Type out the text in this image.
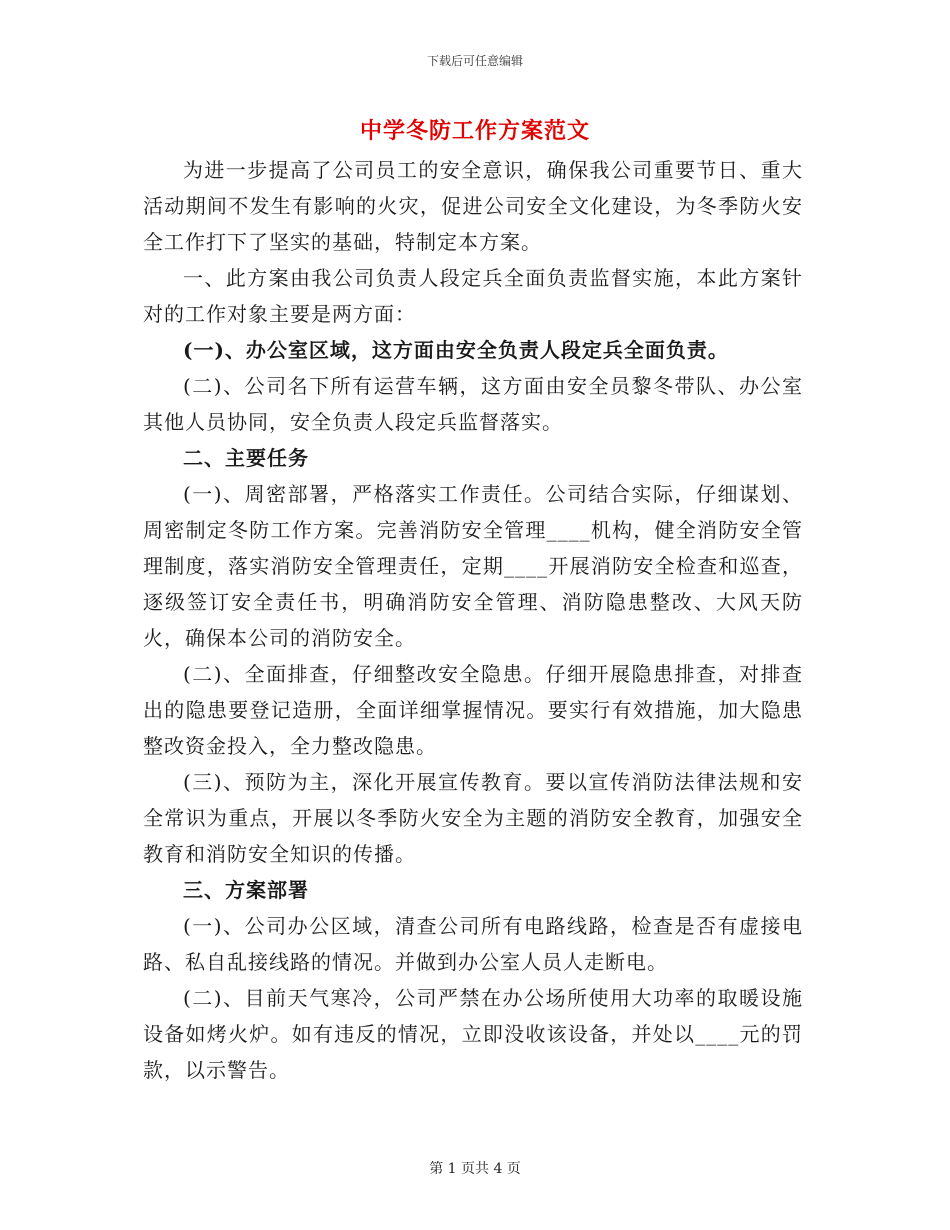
下载后可任意编辑
中学冬防工作方案范文

为进一步提高了公司员工的安全意识，确保我公司重要节日、重大活动期间不发生有影响的火灾，促进公司安全文化建设，为冬季防火安全工作打下了坚实的基础，特制定本方案。

一、此方案由我公司负责人段定兵全面负责监督实施，本此方案针对的工作对象主要是两方面：

(一)、办公室区域，这方面由安全负责人段定兵全面负责。

(二)、公司名下所有运营车辆，这方面由安全员黎冬带队、办公室其他人员协同，安全负责人段定兵监督落实。

二、主要任务

(一)、周密部署，严格落实工作责任。公司结合实际，仔细谋划、周密制定冬防工作方案。完善消防安全管理____机构，健全消防安全管理制度，落实消防安全管理责任，定期____开展消防安全检查和巡查，逐级签订安全责任书，明确消防安全管理、消防隐患整改、大风天防火，确保本公司的消防安全。

(二)、全面排查，仔细整改安全隐患。仔细开展隐患排查，对排查出的隐患要登记造册，全面详细掌握情况。要实行有效措施，加大隐患整改资金投入，全力整改隐患。

(三)、预防为主，深化开展宣传教育。要以宣传消防法律法规和安全常识为重点，开展以冬季防火安全为主题的消防安全教育，加强安全教育和消防安全知识的传播。

三、方案部署

(一)、公司办公区域，清查公司所有电路线路，检查是否有虚接电路、私自乱接线路的情况。并做到办公室人员人走断电。

(二)、目前天气寒冷，公司严禁在办公场所使用大功率的取暖设施设备如烤火炉。如有违反的情况，立即没收该设备，并处以____元的罚款，以示警告。

第 1 页共 4 页
